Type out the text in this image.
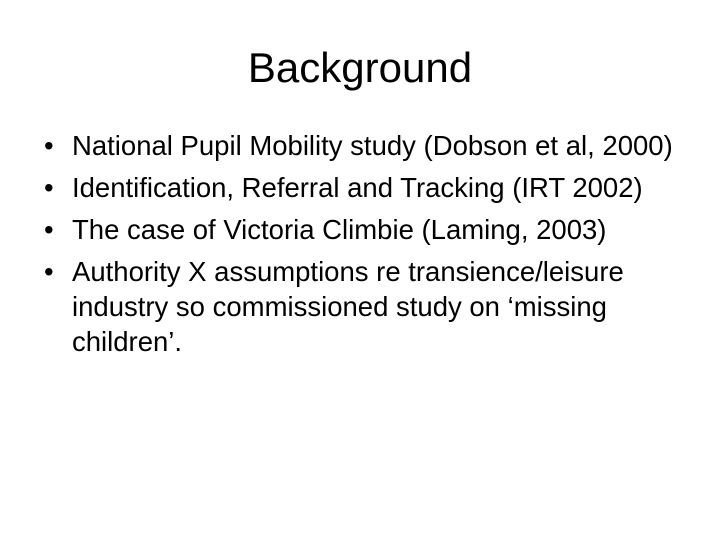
Background
• National Pupil Mobility study (Dobson et al, 2000)
• Identification, Referral and Tracking (IRT 2002)
• The case of Victoria Climbie (Laming, 2003)
• Authority X assumptions re transience/leisure industry so commissioned study on ‘missing children’.
